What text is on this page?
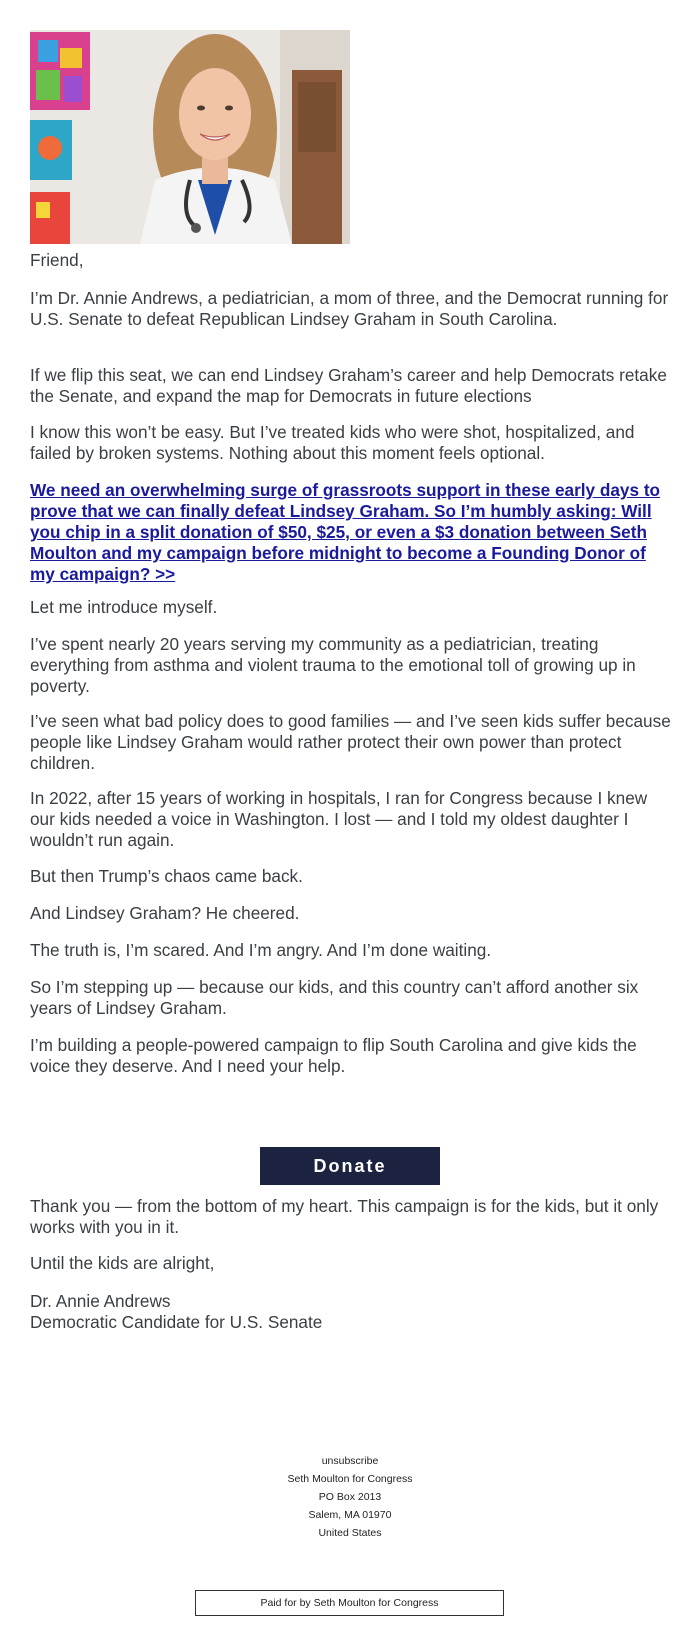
Friend,

I’m Dr. Annie Andrews, a pediatrician, a mom of three, and the Democrat running for U.S. Senate to defeat Republican Lindsey Graham in South Carolina.

If we flip this seat, we can end Lindsey Graham’s career and help Democrats retake the Senate, and expand the map for Democrats in future elections

I know this won’t be easy. But I’ve treated kids who were shot, hospitalized, and failed by broken systems. Nothing about this moment feels optional.

We need an overwhelming surge of grassroots support in these early days to prove that we can finally defeat Lindsey Graham. So I’m humbly asking: Will you chip in a split donation of $50, $25, or even a $3 donation between Seth Moulton and my campaign before midnight to become a Founding Donor of my campaign? >>

Let me introduce myself.

I’ve spent nearly 20 years serving my community as a pediatrician, treating everything from asthma and violent trauma to the emotional toll of growing up in poverty.

I’ve seen what bad policy does to good families — and I’ve seen kids suffer because people like Lindsey Graham would rather protect their own power than protect children.

In 2022, after 15 years of working in hospitals, I ran for Congress because I knew our kids needed a voice in Washington. I lost — and I told my oldest daughter I wouldn’t run again.

But then Trump’s chaos came back.

And Lindsey Graham? He cheered.

The truth is, I’m scared. And I’m angry. And I’m done waiting.

So I’m stepping up — because our kids, and this country can’t afford another six years of Lindsey Graham.

I’m building a people-powered campaign to flip South Carolina and give kids the voice they deserve. And I need your help.

Donate

Thank you — from the bottom of my heart. This campaign is for the kids, but it only works with you in it.

Until the kids are alright,

Dr. Annie Andrews

Democratic Candidate for U.S. Senate

unsubscribe
Seth Moulton for Congress
PO Box 2013
Salem, MA 01970
United States
Paid for by Seth Moulton for Congress
